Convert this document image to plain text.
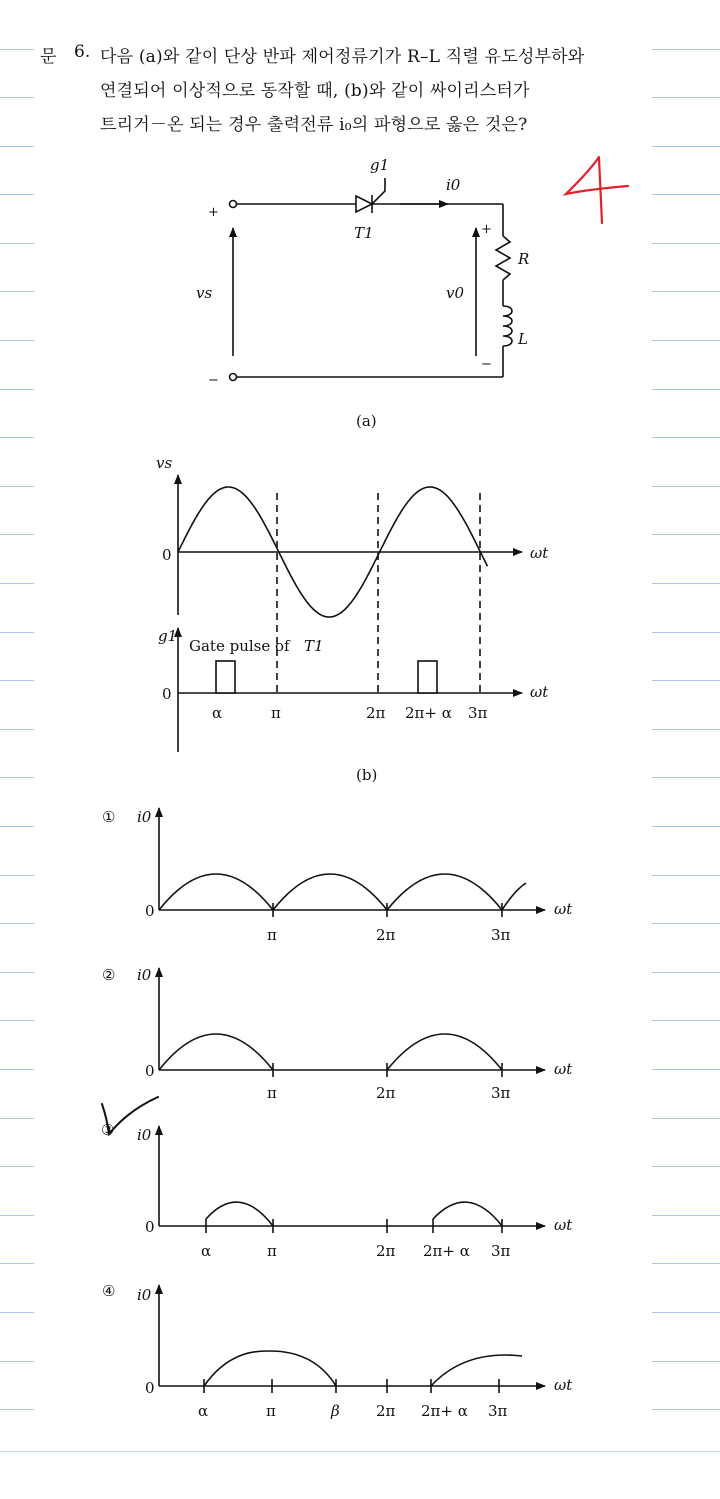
문 6. 다음 (a)와 같이 단상 반파 제어정류기가 R–L 직렬 유도성부하와
연결되어 이상적으로 동작할 때, (b)와 같이 싸이리스터가
트리거－온 되는 경우 출력전류 i₀의 파형으로 옳은 것은?
g1
i0
T1
vs	v0
R
L
+
−
+
−
(a)
vs
0	ωt
g1
Gate pulse of T1
0	ωt
α	π	2π 2π+ α 3π
(b)
① i0
0
π	2π	3π
ωt
② i0
0
π	2π	3π
ωt
③ i0
0
α	π	2π 2π+ α 3π
ωt
④ i0
0
α	π	β 2π 2π+ α 3π
ωt
